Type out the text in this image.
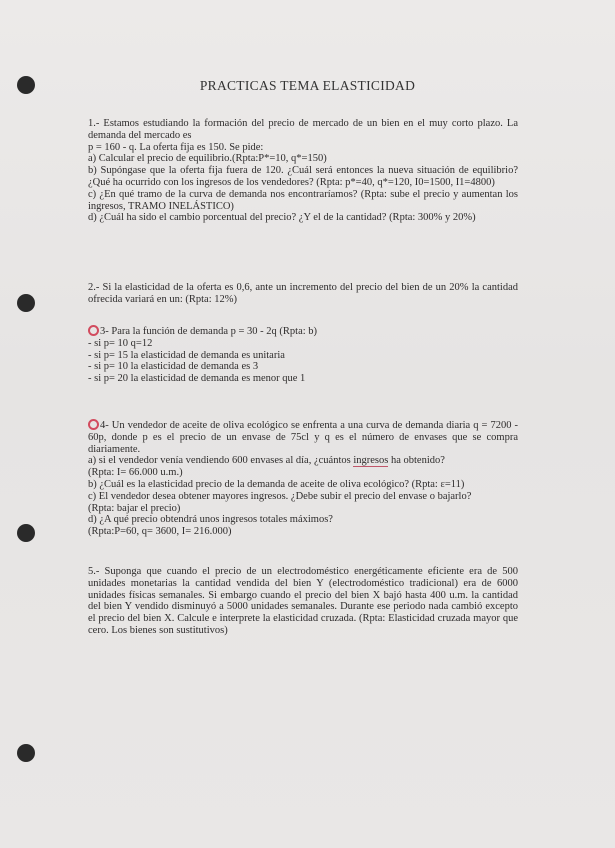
PRACTICAS TEMA ELASTICIDAD

1.- Estamos estudiando la formación del precio de mercado de un bien en el muy corto plazo. La demanda del mercado es

p = 160 - q. La oferta fija es 150. Se pide:

a) Calcular el precio de equilibrio.(Rpta:P*=10, q*=150)

b) Supóngase que la oferta fija fuera de 120. ¿Cuál será entonces la nueva situación de equilibrio? ¿Qué ha ocurrido con los ingresos de los vendedores? (Rpta: p*=40, q*=120, I0=1500, I1=4800)

c) ¿En qué tramo de la curva de demanda nos encontraríamos? (Rpta: sube el precio y aumentan los ingresos, TRAMO INELÁSTICO)

d) ¿Cuál ha sido el cambio porcentual del precio? ¿Y el de la cantidad? (Rpta: 300% y 20%)

2.- Si la elasticidad de la oferta es 0,6, ante un incremento del precio del bien de un 20% la cantidad ofrecida variará en un: (Rpta: 12%)

3- Para la función de demanda p = 30 - 2q (Rpta: b)

- si p= 10 q=12

- si p= 15 la elasticidad de demanda es unitaria

- si p= 10 la elasticidad de demanda es 3

- si p= 20 la elasticidad de demanda es menor que 1

4- Un vendedor de aceite de oliva ecológico se enfrenta a una curva de demanda diaria q = 7200 - 60p, donde p es el precio de un envase de 75cl y q es el número de envases que se compra diariamente.

a) si el vendedor venía vendiendo 600 envases al día, ¿cuántos ingresos ha obtenido?

(Rpta: I= 66.000 u.m.)

b) ¿Cuál es la elasticidad precio de la demanda de aceite de oliva ecológico? (Rpta: ε=11)

c) El vendedor desea obtener mayores ingresos. ¿Debe subir el precio del envase o bajarlo?

(Rpta: bajar el precio)

d) ¿A qué precio obtendrá unos ingresos totales máximos?

(Rpta:P=60, q= 3600, I= 216.000)

5.- Suponga que cuando el precio de un electrodoméstico energéticamente eficiente era de 500 unidades monetarias la cantidad vendida del bien Y (electrodoméstico tradicional) era de 6000 unidades físicas semanales. Si embargo cuando el precio del bien X bajó hasta 400 u.m. la cantidad del bien Y vendido disminuyó a 5000 unidades semanales. Durante ese periodo nada cambió excepto el precio del bien X. Calcule e interprete la elasticidad cruzada. (Rpta: Elasticidad cruzada mayor que cero. Los bienes son sustitutivos)
